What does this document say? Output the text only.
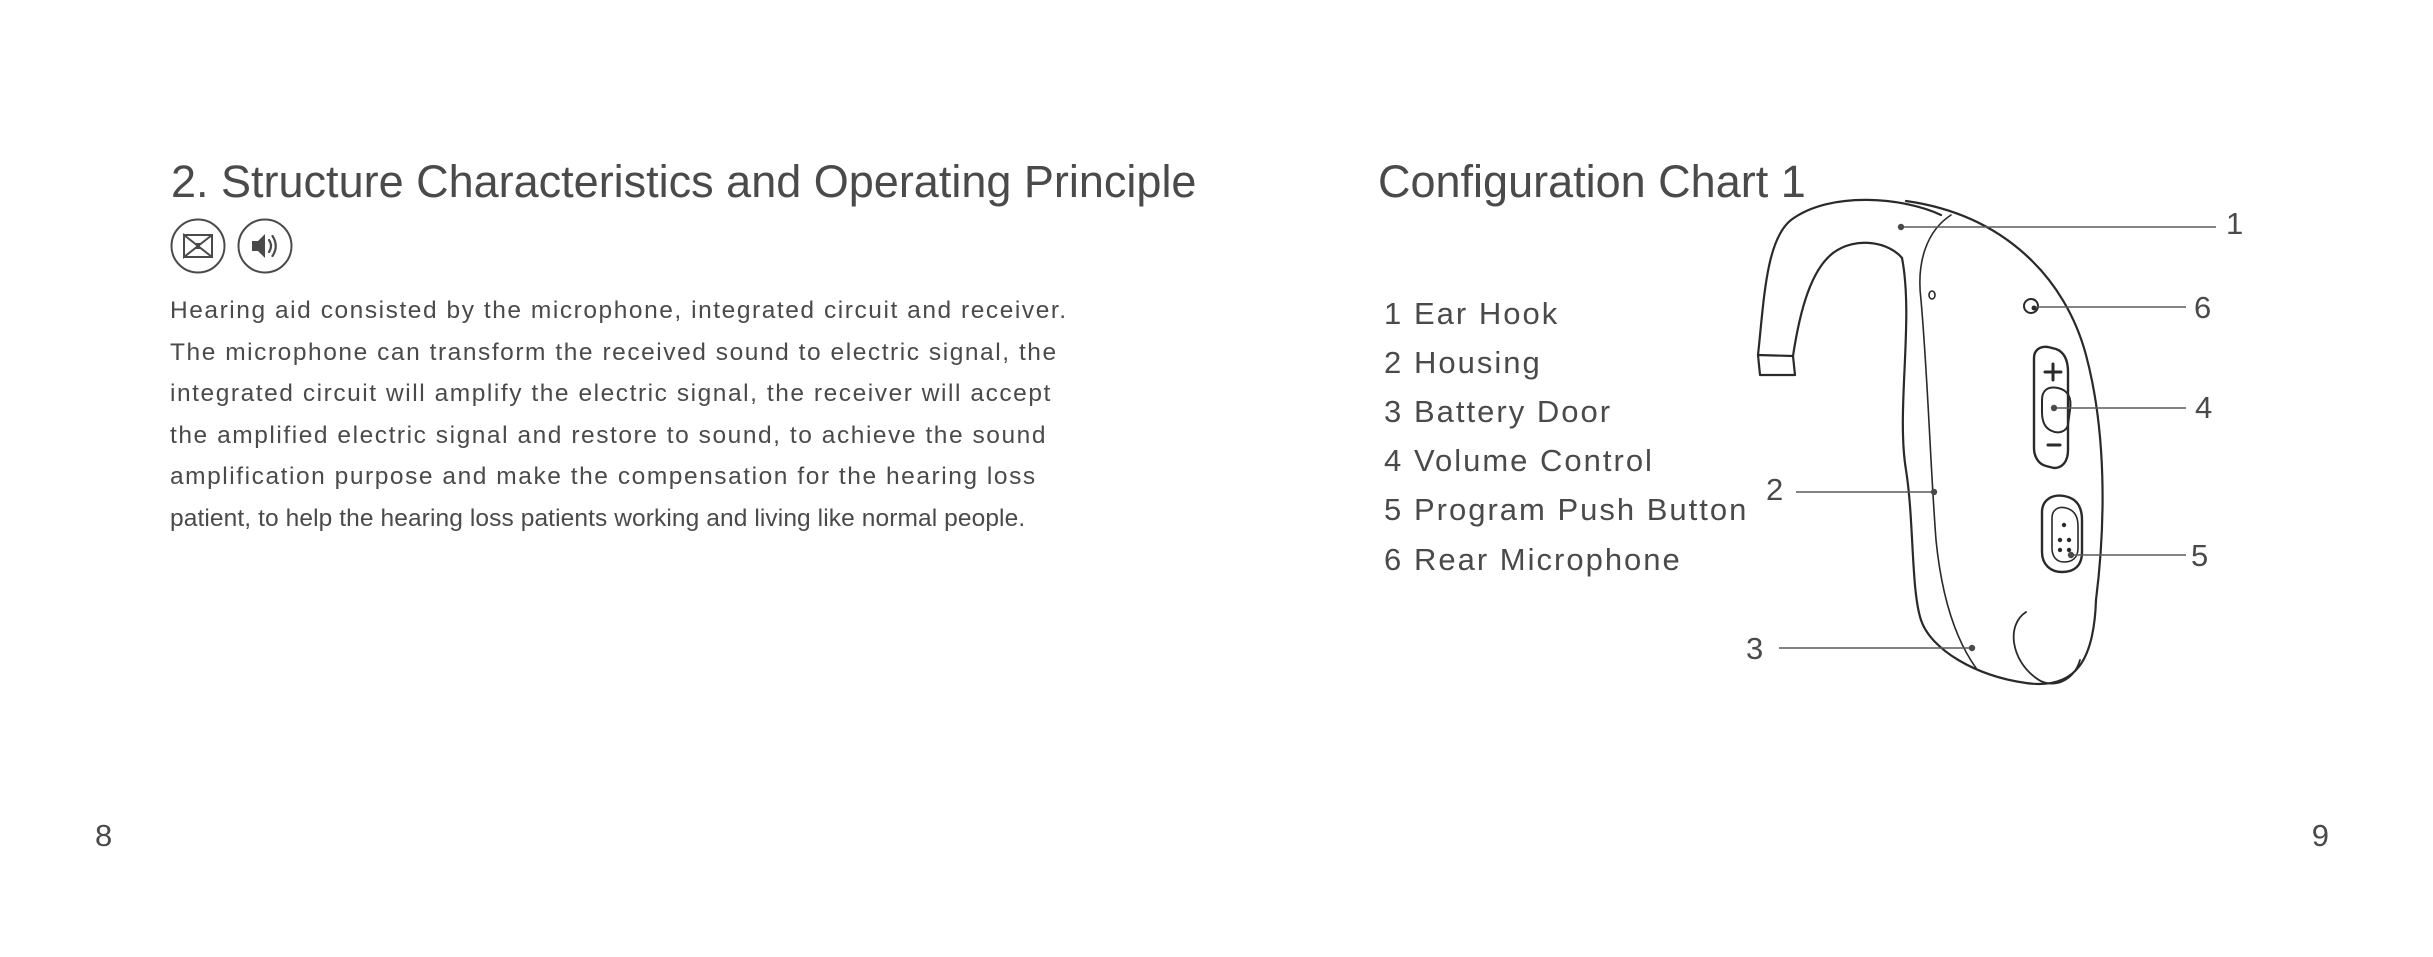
2. Structure Characteristics and Operating Principle

Hearing aid consisted by the microphone, integrated circuit and receiver.
The microphone can transform the received sound to electric signal, the
integrated circuit will amplify the electric signal, the receiver will accept
the amplified electric signal and restore to sound, to achieve the sound
amplification purpose and make the compensation for the hearing loss
patient, to help the hearing loss patients working and living like normal people.

8
Configuration Chart 1
1 Ear Hook
2 Housing
3 Battery Door
4 Volume Control
5 Program Push Button
6 Rear Microphone
1
2
3
4
5
6
9
